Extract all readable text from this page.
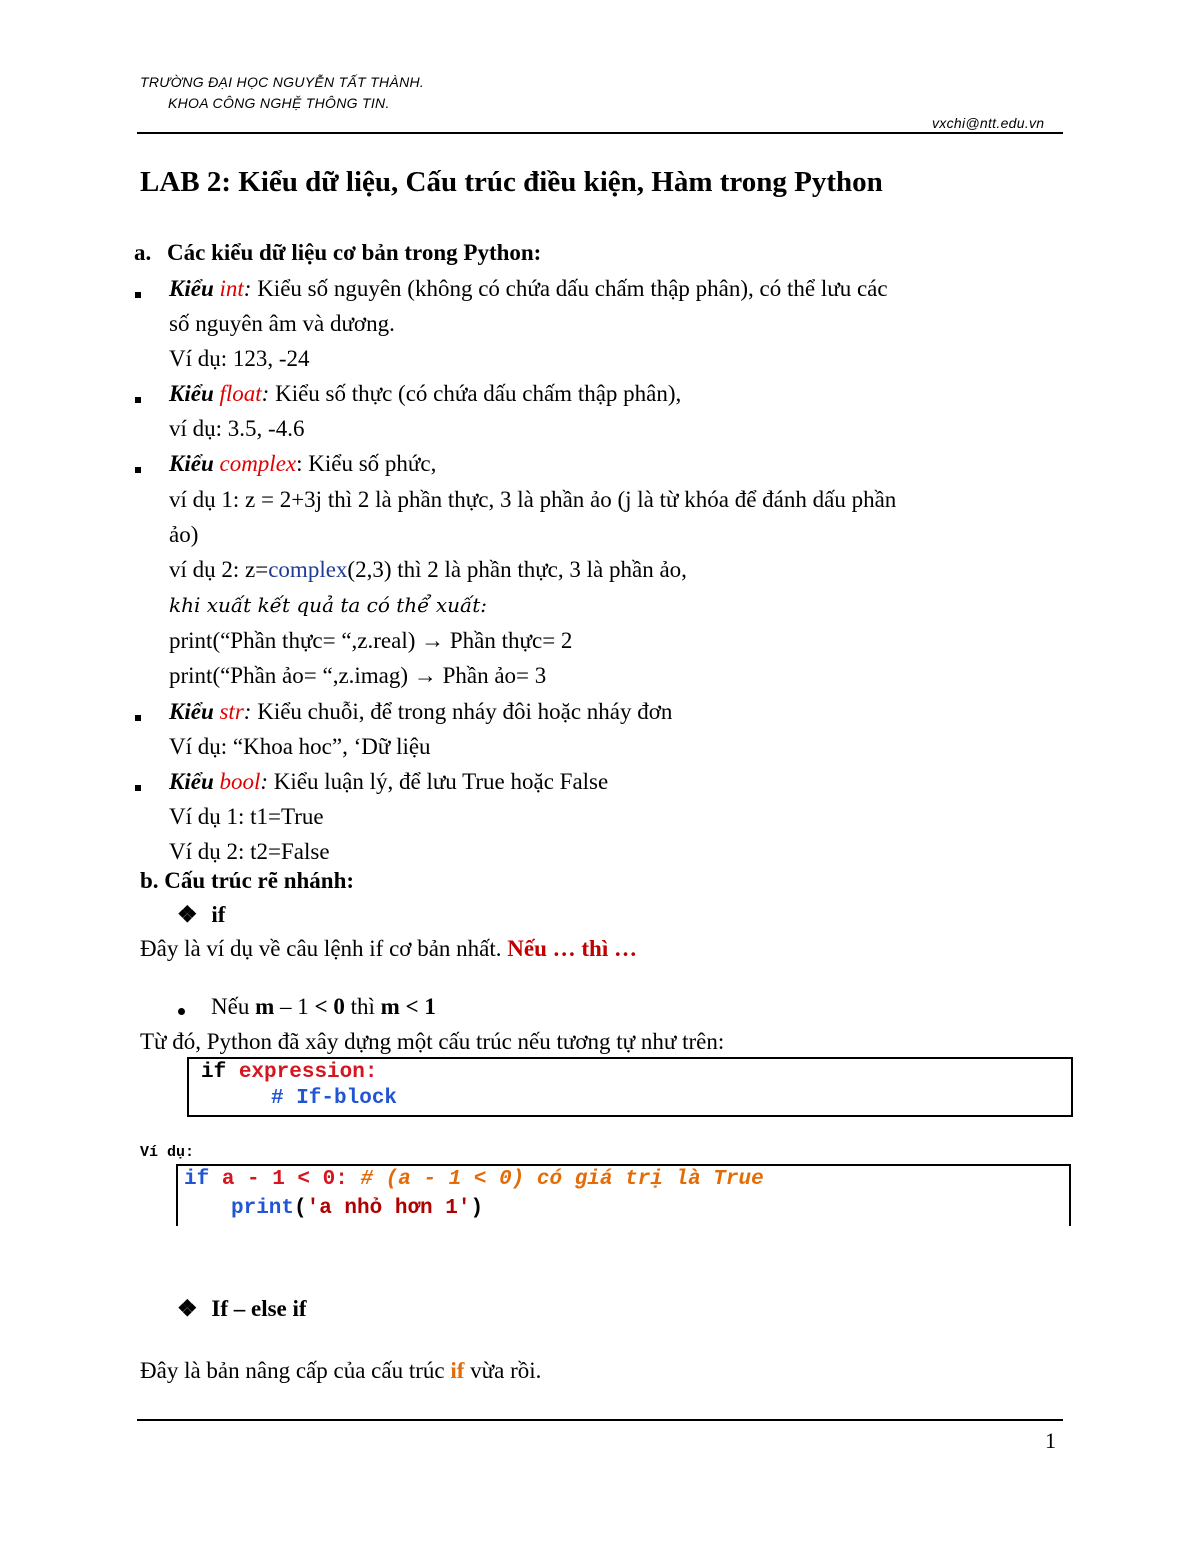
TRƯỜNG ĐẠI HỌC NGUYỄN TẤT THÀNH.
KHOA CÔNG NGHỆ THÔNG TIN.
vxchi@ntt.edu.vn
LAB 2: Kiểu dữ liệu, Cấu trúc điều kiện, Hàm trong Python
a. Các kiểu dữ liệu cơ bản trong Python:
Kiểu int: Kiểu số nguyên (không có chứa dấu chấm thập phân), có thể lưu các
số nguyên âm và dương.
Ví dụ: 123, -24
Kiểu float: Kiểu số thực (có chứa dấu chấm thập phân),
ví dụ: 3.5, -4.6
Kiểu complex: Kiểu số phức,
ví dụ 1: z = 2+3j thì 2 là phần thực, 3 là phần ảo (j là từ khóa để đánh dấu phần
ảo)
ví dụ 2: z=complex(2,3) thì 2 là phần thực, 3 là phần ảo,
khi xuất kết quả ta có thể xuất:
print(“Phần thực= “,z.real) → Phần thực= 2
print(“Phần ảo= “,z.imag) → Phần ảo= 3
Kiểu str: Kiểu chuỗi, để trong nháy đôi hoặc nháy đơn
Ví dụ: “Khoa hoc”, ‘Dữ liệu
Kiểu bool: Kiểu luận lý, để lưu True hoặc False
Ví dụ 1: t1=True
Ví dụ 2: t2=False
b. Cấu trúc rẽ nhánh:
❖ if
Đây là ví dụ về câu lệnh if cơ bản nhất. Nếu … thì …
Nếu m – 1 < 0 thì m < 1
Từ đó, Python đã xây dựng một cấu trúc nếu tương tự như trên:
if expression:
# If-block
Ví dụ:
if a - 1 < 0: # (a - 1 < 0) có giá trị là True
print('a nhỏ hơn 1')
❖ If – else if
Đây là bản nâng cấp của cấu trúc if vừa rồi.
1
